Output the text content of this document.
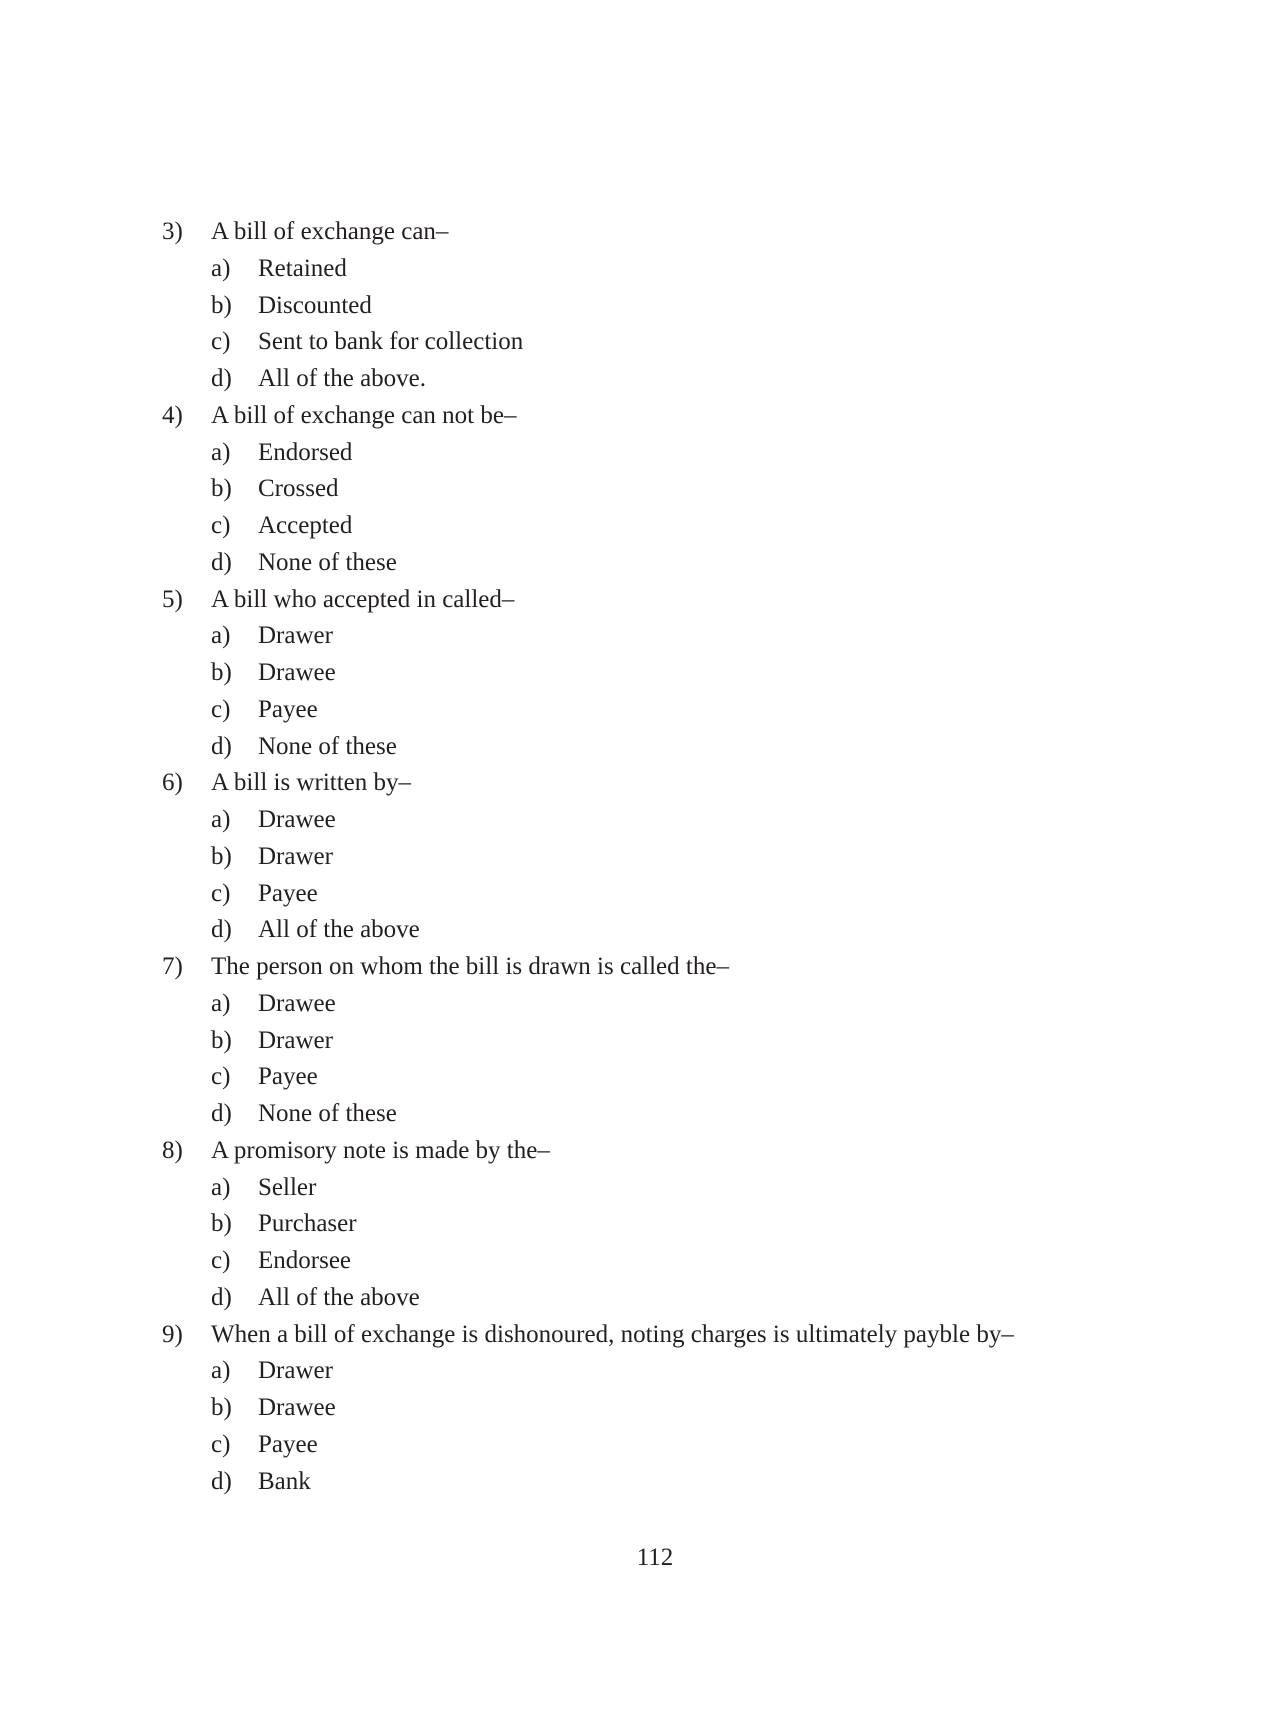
3) A bill of exchange can–
a) Retained
b) Discounted
c) Sent to bank for collection
d) All of the above.
4) A bill of exchange can not be–
a) Endorsed
b) Crossed
c) Accepted
d) None of these
5) A bill who accepted in called–
a) Drawer
b) Drawee
c) Payee
d) None of these
6) A bill is written by–
a) Drawee
b) Drawer
c) Payee
d) All of the above
7) The person on whom the bill is drawn is called the–
a) Drawee
b) Drawer
c) Payee
d) None of these
8) A promisory note is made by the–
a) Seller
b) Purchaser
c) Endorsee
d) All of the above
9) When a bill of exchange is dishonoured, noting charges is ultimately payble by–
a) Drawer
b) Drawee
c) Payee
d) Bank
112
